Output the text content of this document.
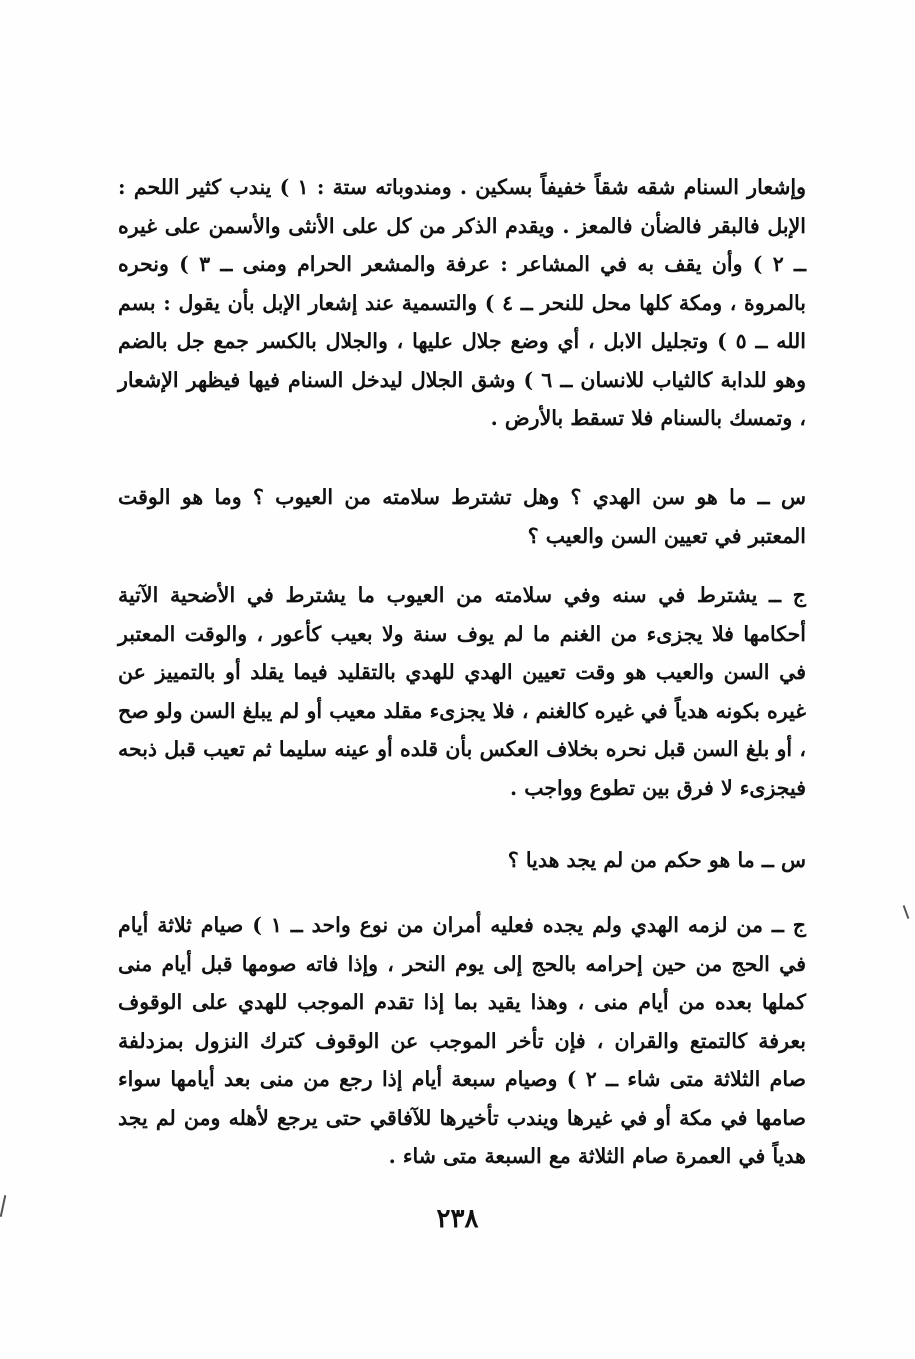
وإشعار السنام شقه شقاً خفيفاً بسكين . ومندوباته ستة : ١ ) يندب كثير اللحم : الإبل فالبقر فالضأن فالمعز . ويقدم الذكر من كل على الأنثى والأسمن على غيره ــ ٢ ) وأن يقف به في المشاعر : عرفة والمشعر الحرام ومنى ــ ٣ ) ونحره بالمروة ، ومكة كلها محل للنحر ــ ٤ ) والتسمية عند إشعار الإبل بأن يقول : بسم الله ــ ٥ ) وتجليل الابل ، أي وضع جلال عليها ، والجلال بالكسر جمع جل بالضم وهو للدابة كالثياب للانسان ــ ٦ ) وشق الجلال ليدخل السنام فيها فيظهر الإشعار ، وتمسك بالسنام فلا تسقط بالأرض .

س ــ ما هو سن الهدي ؟ وهل تشترط سلامته من العيوب ؟ وما هو الوقت المعتبر في تعيين السن والعيب ؟

ج ــ يشترط في سنه وفي سلامته من العيوب ما يشترط في الأضحية الآتية أحكامها فلا يجزىء من الغنم ما لم يوف سنة ولا بعيب كأعور ، والوقت المعتبر في السن والعيب هو وقت تعيين الهدي للهدي بالتقليد فيما يقلد أو بالتمييز عن غيره بكونه هدياً في غيره كالغنم ، فلا يجزىء مقلد معيب أو لم يبلغ السن ولو صح ، أو بلغ السن قبل نحره بخلاف العكس بأن قلده أو عينه سليما ثم تعيب قبل ذبحه فيجزىء لا فرق بين تطوع وواجب .

س ــ ما هو حكم من لم يجد هديا ؟

ج ــ من لزمه الهدي ولم يجده فعليه أمران من نوع واحد ــ ١ ) صيام ثلاثة أيام في الحج من حين إحرامه بالحج إلى يوم النحر ، وإذا فاته صومها قبل أيام منى كملها بعده من أيام منى ، وهذا يقيد بما إذا تقدم الموجب للهدي على الوقوف بعرفة كالتمتع والقران ، فإن تأخر الموجب عن الوقوف كترك النزول بمزدلفة صام الثلاثة متى شاء ــ ٢ ) وصيام سبعة أيام إذا رجع من منى بعد أيامها سواء صامها في مكة أو في غيرها ويندب تأخيرها للآفاقي حتى يرجع لأهله ومن لم يجد هدياً في العمرة صام الثلاثة مع السبعة متى شاء .

٢٣٨
